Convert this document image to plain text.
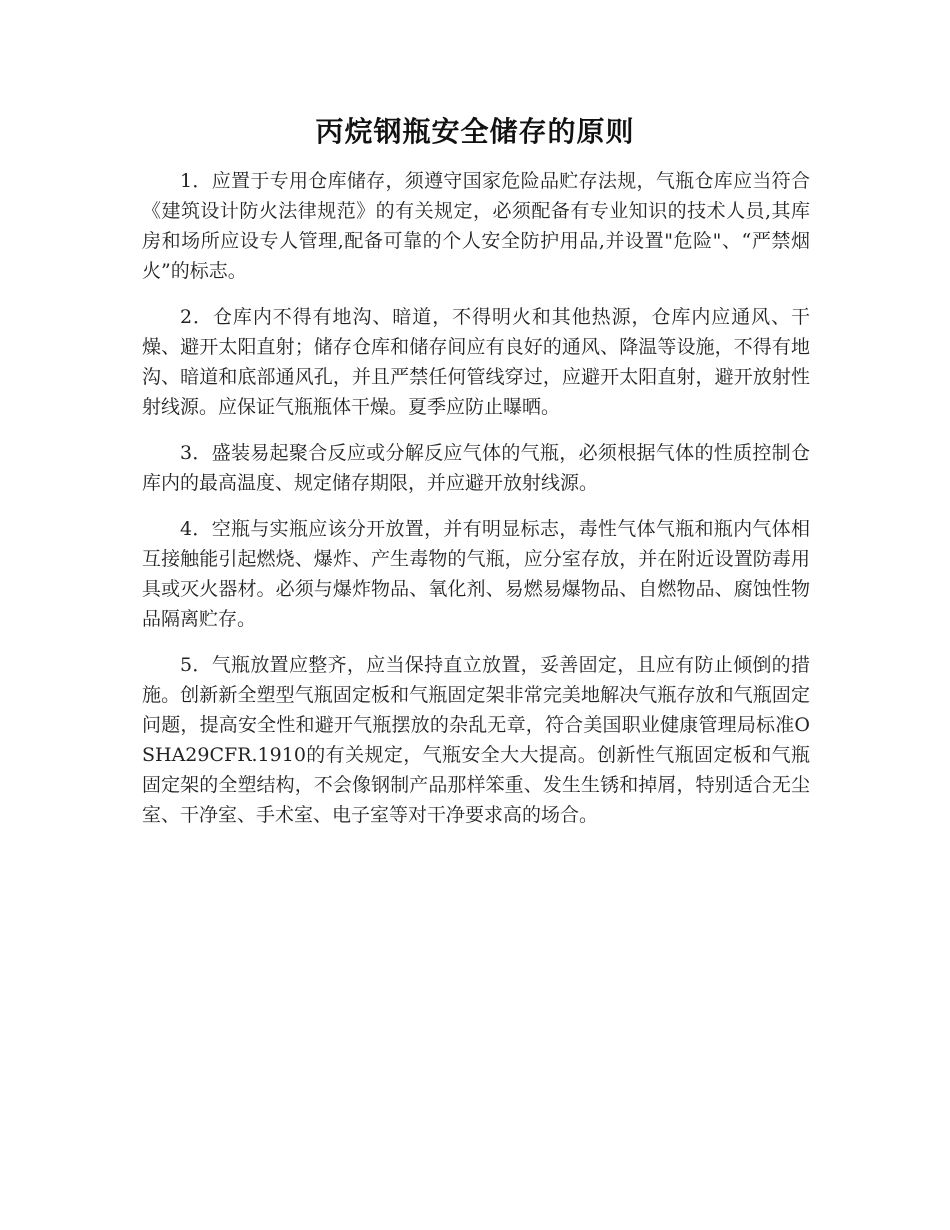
丙烷钢瓶安全储存的原则

1．应置于专用仓库储存，须遵守国家危险品贮存法规，气瓶仓库应当符合《建筑设计防火法律规范》的有关规定，必须配备有专业知识的技术人员,其库房和场所应设专人管理,配备可靠的个人安全防护用品,并设置"危险"、“严禁烟火”的标志。

2．仓库内不得有地沟、暗道，不得明火和其他热源，仓库内应通风、干燥、避开太阳直射；储存仓库和储存间应有良好的通风、降温等设施，不得有地沟、暗道和底部通风孔，并且严禁任何管线穿过，应避开太阳直射，避开放射性射线源。应保证气瓶瓶体干燥。夏季应防止曝晒。

3．盛装易起聚合反应或分解反应气体的气瓶，必须根据气体的性质控制仓库内的最高温度、规定储存期限，并应避开放射线源。

4．空瓶与实瓶应该分开放置，并有明显标志，毒性气体气瓶和瓶内气体相互接触能引起燃烧、爆炸、产生毒物的气瓶，应分室存放，并在附近设置防毒用具或灭火器材。必须与爆炸物品、氧化剂、易燃易爆物品、自燃物品、腐蚀性物品隔离贮存。

5．气瓶放置应整齐，应当保持直立放置，妥善固定，且应有防止倾倒的措施。创新新全塑型气瓶固定板和气瓶固定架非常完美地解决气瓶存放和气瓶固定问题，提高安全性和避开气瓶摆放的杂乱无章，符合美国职业健康管理局标准OSHA29CFR.1910的有关规定，气瓶安全大大提高。创新性气瓶固定板和气瓶固定架的全塑结构，不会像钢制产品那样笨重、发生生锈和掉屑，特别适合无尘室、干净室、手术室、电子室等对干净要求高的场合。
